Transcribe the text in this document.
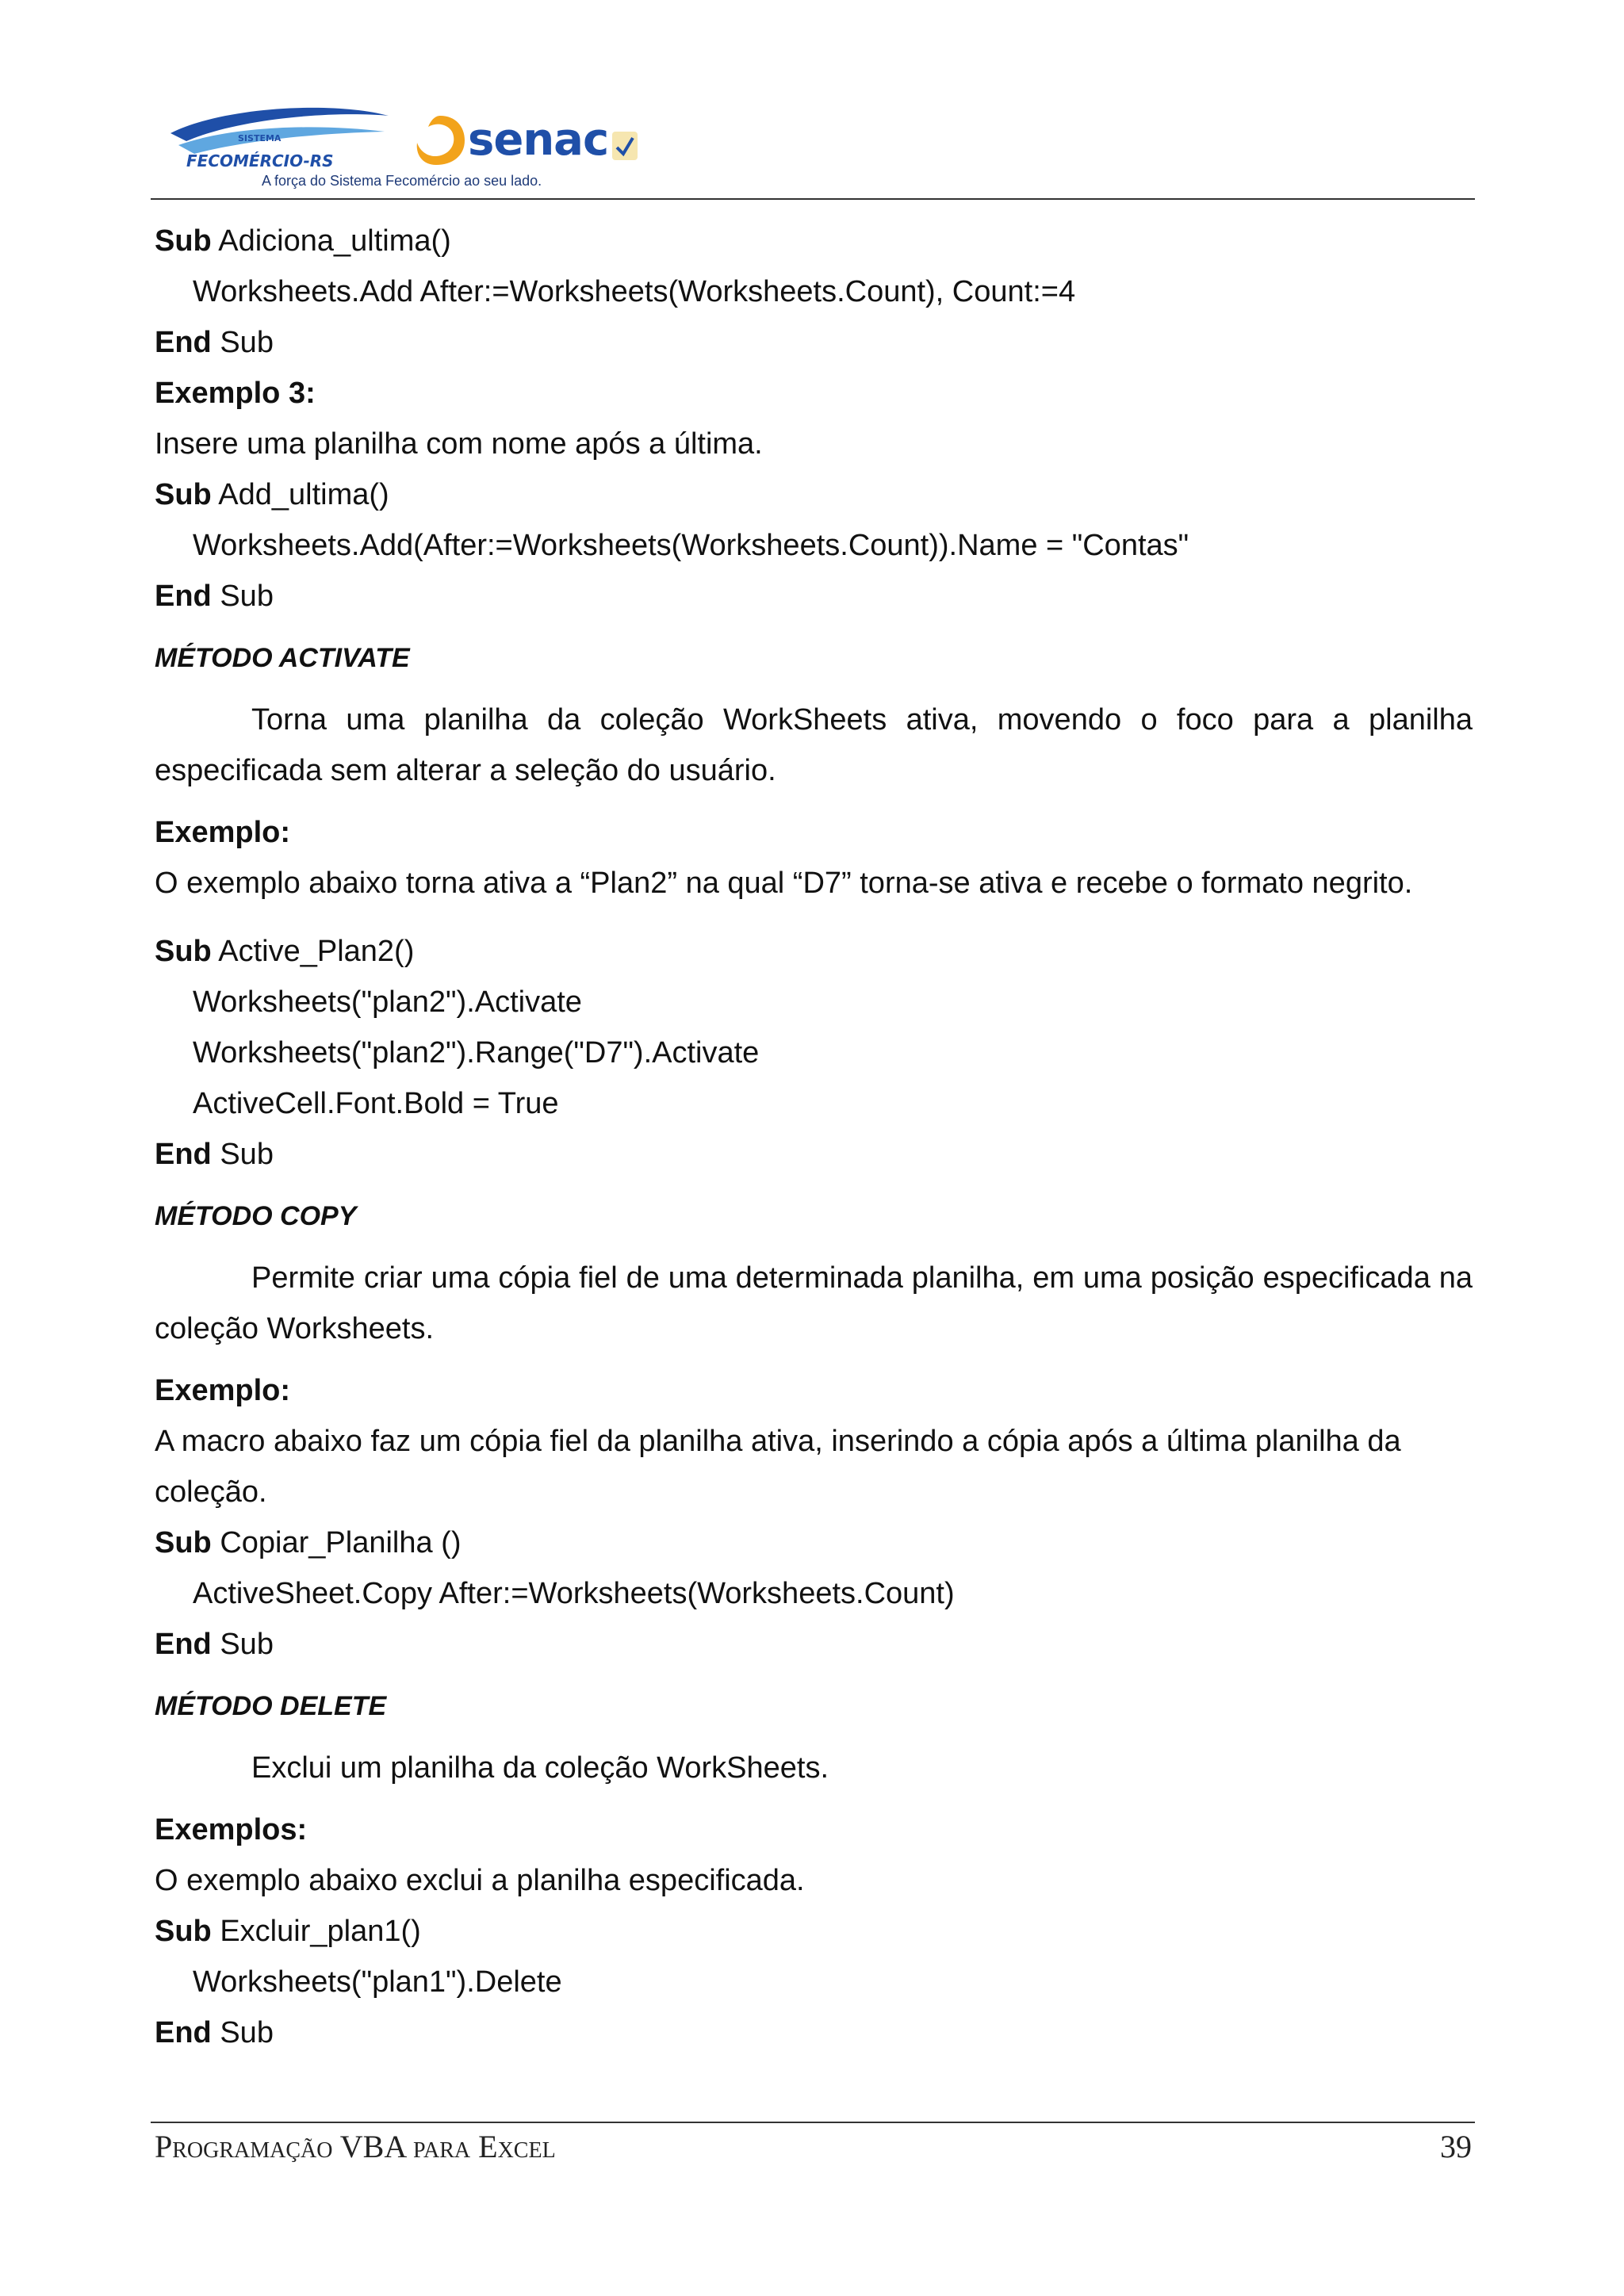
SISTEMA
FECOMÉRCIO-RS	senac
A força do Sistema Fecomércio ao seu lado.
Sub Adiciona_ultima()
Worksheets.Add After:=Worksheets(Worksheets.Count), Count:=4
End Sub
Exemplo 3:
Insere uma planilha com nome após a última.
Sub Add_ultima()
Worksheets.Add(After:=Worksheets(Worksheets.Count)).Name = "Contas"
End Sub
MÉTODO ACTIVATE
Torna uma planilha da coleção WorkSheets ativa, movendo o foco para a planilha especificada sem alterar a seleção do usuário.
Exemplo:
O exemplo abaixo torna ativa a “Plan2” na qual “D7” torna-se ativa e recebe o formato negrito.
Sub Active_Plan2()
Worksheets("plan2").Activate
Worksheets("plan2").Range("D7").Activate
ActiveCell.Font.Bold = True
End Sub
MÉTODO COPY
Permite criar uma cópia fiel de uma determinada planilha, em uma posição especificada na coleção Worksheets.
Exemplo:
A macro abaixo faz um cópia fiel da planilha ativa, inserindo a cópia após a última planilha da
coleção.
Sub Copiar_Planilha ()
ActiveSheet.Copy After:=Worksheets(Worksheets.Count)
End Sub
MÉTODO DELETE
Exclui um planilha da coleção WorkSheets.
Exemplos:
O exemplo abaixo exclui a planilha especificada.
Sub Excluir_plan1()
Worksheets("plan1").Delete
End Sub
Programação VBA para Excel	39
